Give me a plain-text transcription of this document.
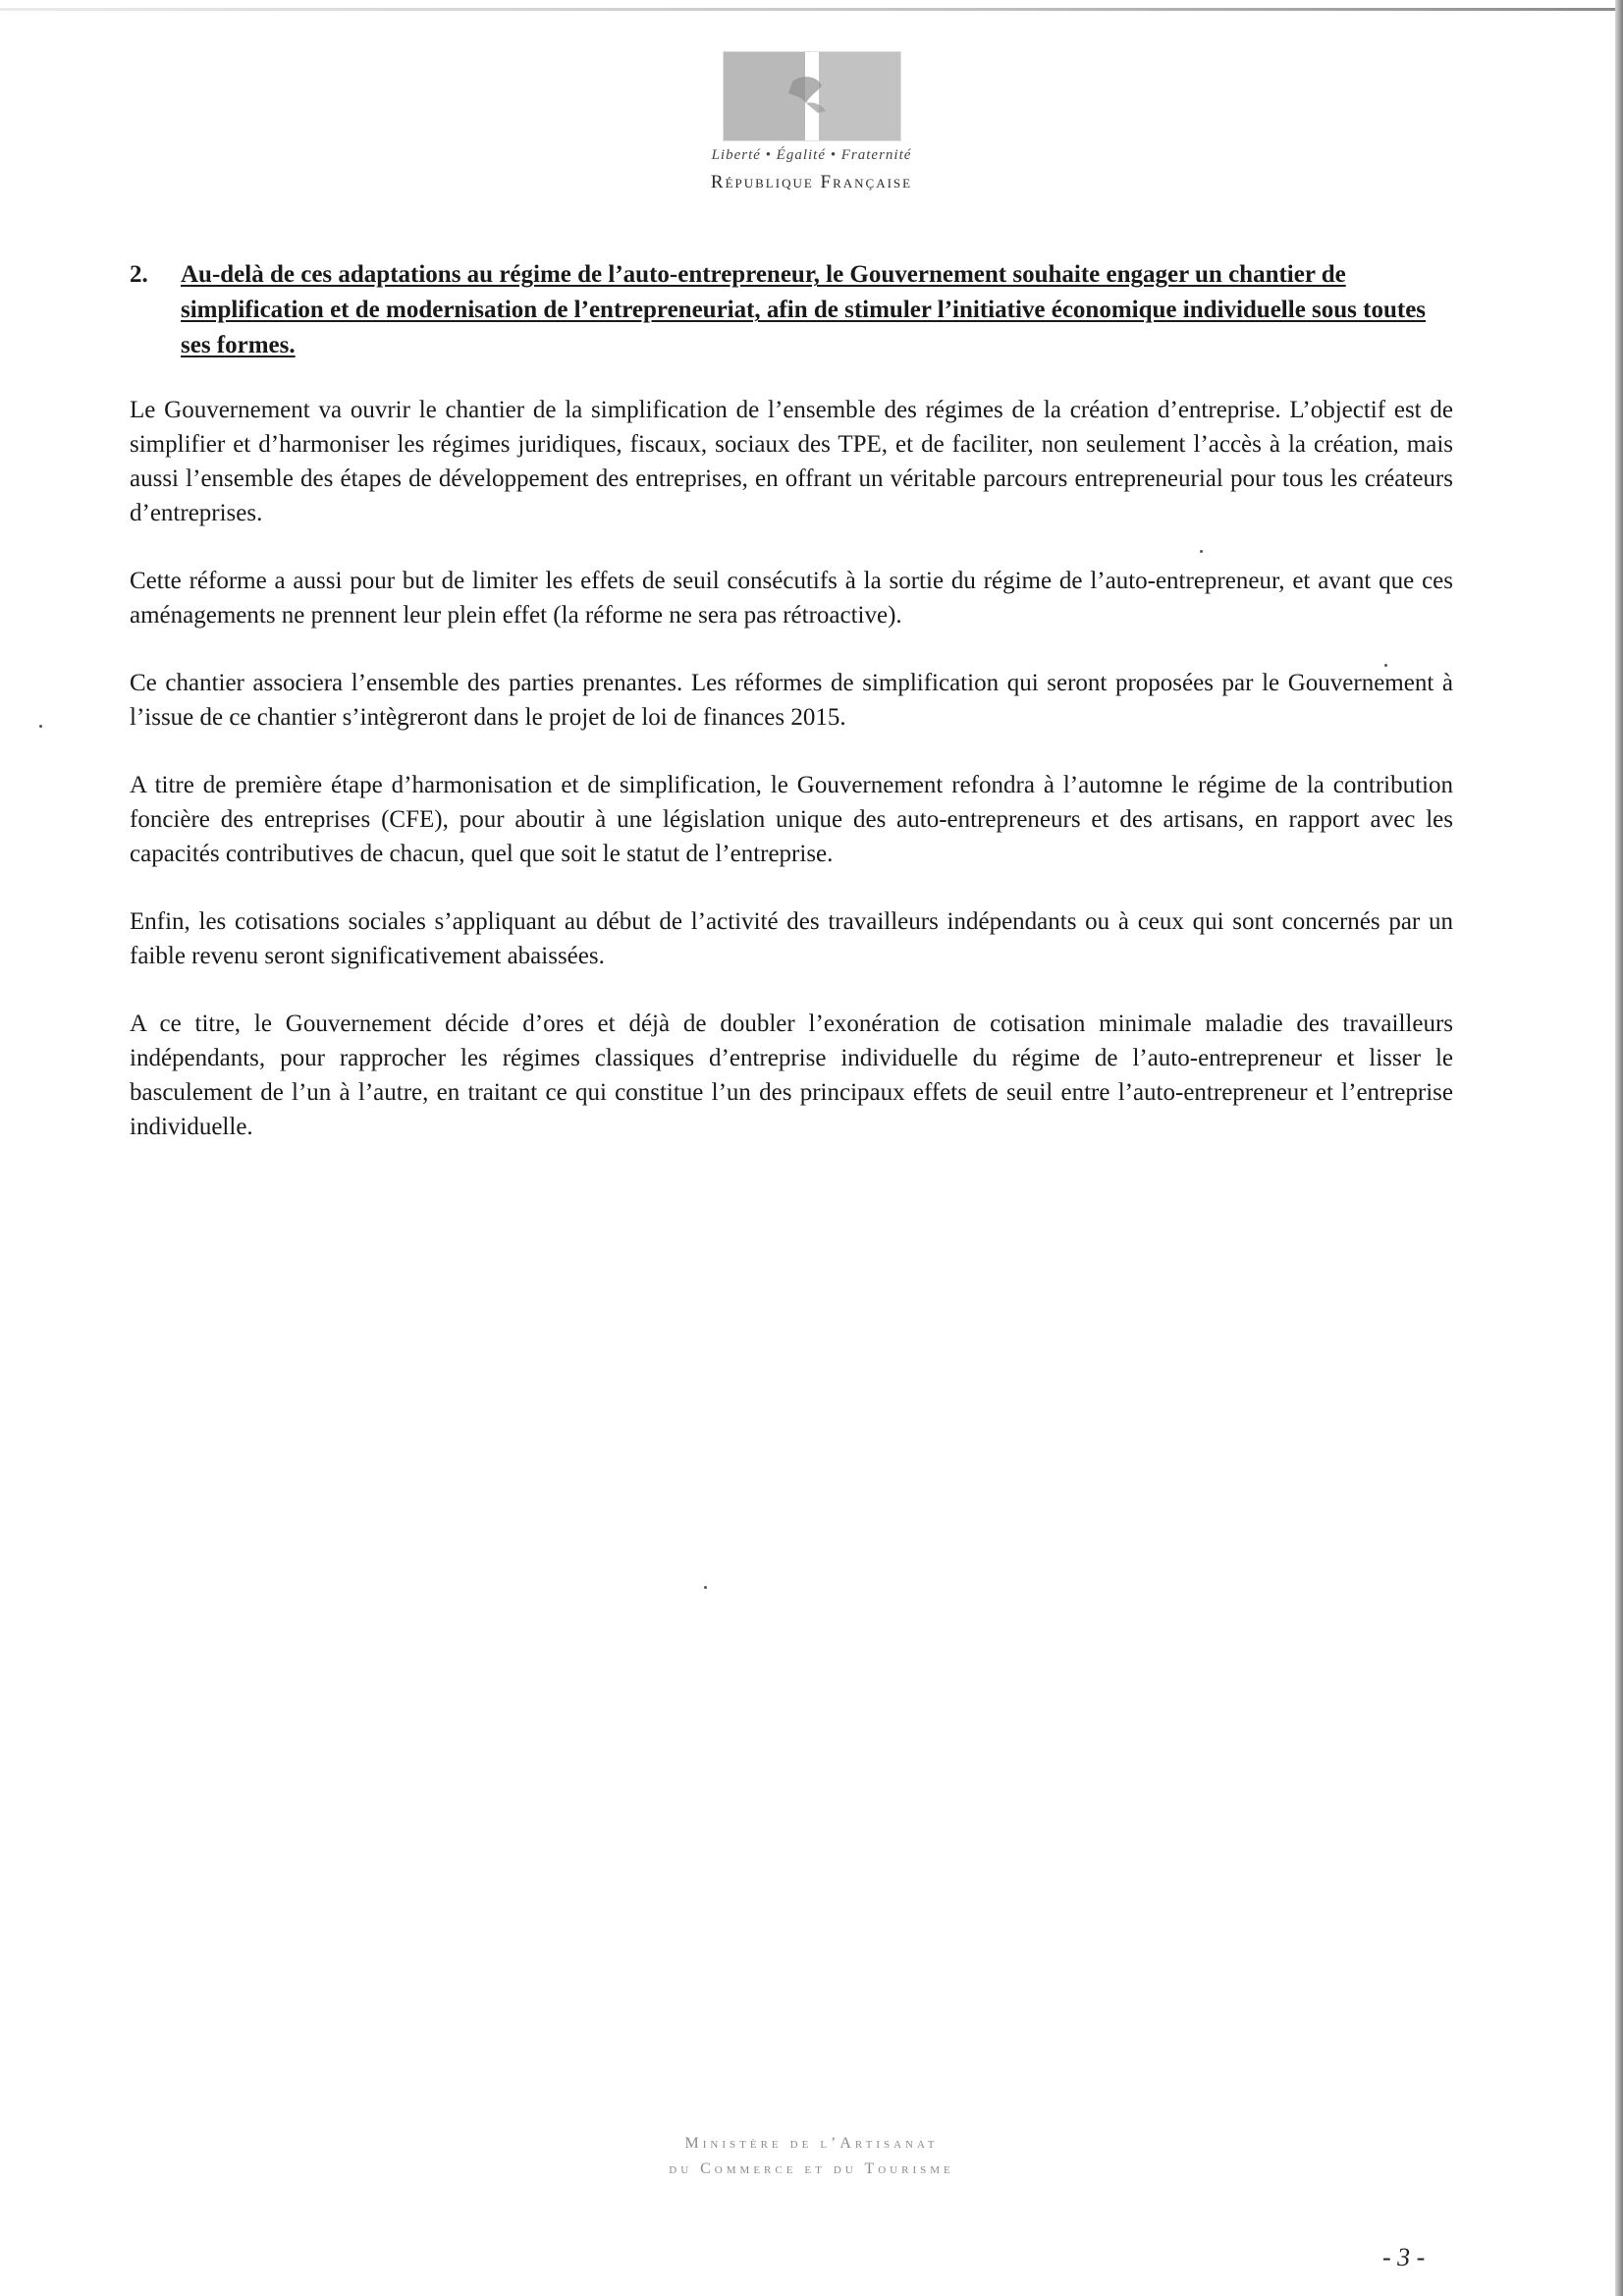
Liberté • Égalité • Fraternité
République Française
2.	Au-delà de ces adaptations au régime de l’auto-entrepreneur, le Gouvernement souhaite engager un chantier de simplification et de modernisation de l’entrepreneuriat, afin de stimuler l’initiative économique individuelle sous toutes ses formes.

Le Gouvernement va ouvrir le chantier de la simplification de l’ensemble des régimes de la création d’entreprise. L’objectif est de simplifier et d’harmoniser les régimes juridiques, fiscaux, sociaux des TPE, et de faciliter, non seulement l’accès à la création, mais aussi l’ensemble des étapes de développement des entreprises, en offrant un véritable parcours entrepreneurial pour tous les créateurs d’entreprises.

Cette réforme a aussi pour but de limiter les effets de seuil consécutifs à la sortie du régime de l’auto-entrepreneur, et avant que ces aménagements ne prennent leur plein effet (la réforme ne sera pas rétroactive).

Ce chantier associera l’ensemble des parties prenantes. Les réformes de simplification qui seront proposées par le Gouvernement à l’issue de ce chantier s’intègreront dans le projet de loi de finances 2015.

A titre de première étape d’harmonisation et de simplification, le Gouvernement refondra à l’automne le régime de la contribution foncière des entreprises (CFE), pour aboutir à une législation unique des auto-entrepreneurs et des artisans, en rapport avec les capacités contributives de chacun, quel que soit le statut de l’entreprise.

Enfin, les cotisations sociales s’appliquant au début de l’activité des travailleurs indépendants ou à ceux qui sont concernés par un faible revenu seront significativement abaissées.

A ce titre, le Gouvernement décide d’ores et déjà de doubler l’exonération de cotisation minimale maladie des travailleurs indépendants, pour rapprocher les régimes classiques d’entreprise individuelle du régime de l’auto-entrepreneur et lisser le basculement de l’un à l’autre, en traitant ce qui constitue l’un des principaux effets de seuil entre l’auto-entrepreneur et l’entreprise individuelle.

Ministère de l’Artisanat
du Commerce et du Tourisme
- 3 -
